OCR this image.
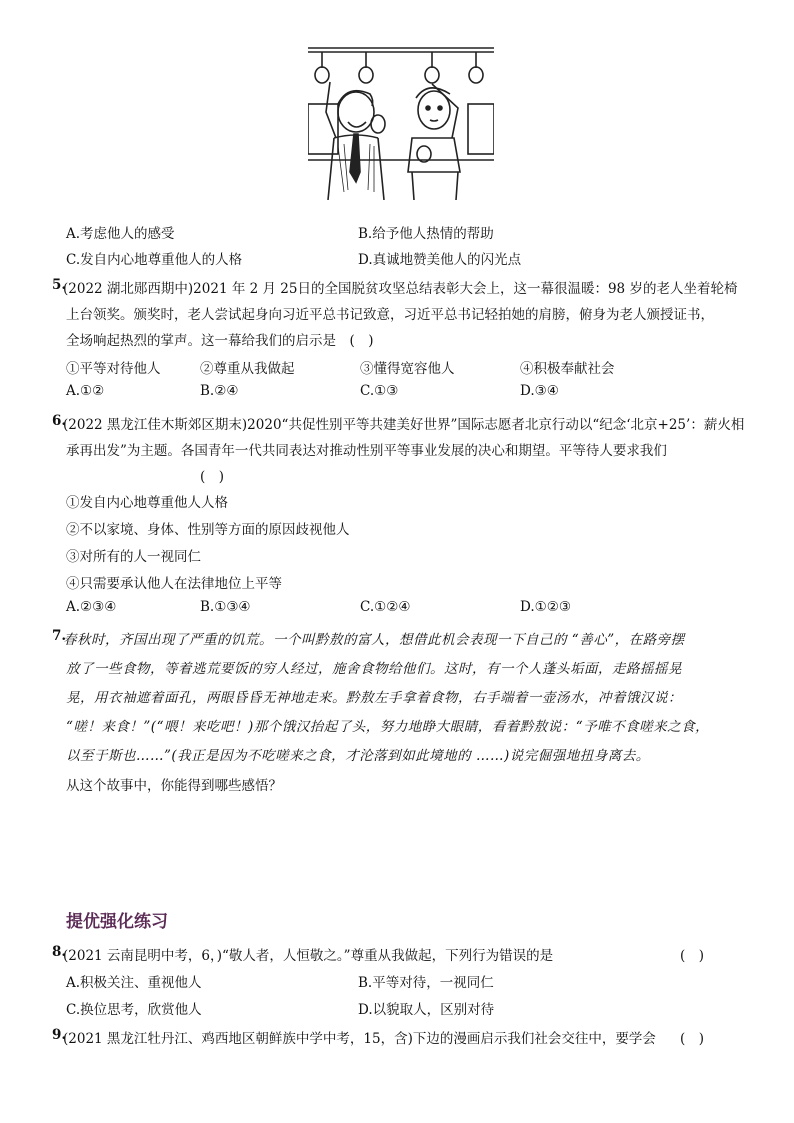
A.考虑他人的感受	B.给予他人热情的帮助
C.发自内心地尊重他人的人格	D.真诚地赞美他人的闪光点
5.
(2022 湖北郧西期中)2021 年 2 月 25日的全国脱贫攻坚总结表彰大会上，这一幕很温暖：98 岁的老人坐着轮椅
上台领奖。颁奖时，老人尝试起身向习近平总书记致意，习近平总书记轻拍她的肩膀，俯身为老人颁授证书，
全场响起热烈的掌声。这一幕给我们的启示是　(　)
①平等对待他人	②尊重从我做起	③懂得宽容他人	④积极奉献社会
A.①②	B.②④	C.①③	D.③④
6.
(2022 黑龙江佳木斯郊区期末)2020“共促性别平等共建美好世界”国际志愿者北京行动以“纪念‘北京+25’：薪火相
承再出发”为主题。各国青年一代共同表达对推动性别平等事业发展的决心和期望。平等待人要求我们
(　)
①发自内心地尊重他人人格
②不以家境、身体、性别等方面的原因歧视他人
③对所有的人一视同仁
④只需要承认他人在法律地位上平等
A.②③④	B.①③④	C.①②④	D.①②③
7.
春秋时，齐国出现了严重的饥荒。一个叫黔敖的富人，想借此机会表现一下自己的 “善心”，在路旁摆
放了一些食物，等着逃荒要饭的穷人经过，施舍食物给他们。这时，有一个人蓬头垢面，走路摇摇晃
晃，用衣袖遮着面孔，两眼昏昏无神地走来。黔敖左手拿着食物，右手端着一壶汤水，冲着饿汉说：
“嗟！来食！”(“喂！来吃吧！)那个饿汉抬起了头，努力地睁大眼睛，看着黔敖说：“予唯不食嗟来之食，
以至于斯也……”(我正是因为不吃嗟来之食，才沦落到如此境地的 ……)说完倔强地扭身离去。
从这个故事中，你能得到哪些感悟？
提优强化练习
8.
(2021 云南昆明中考，6，)“敬人者，人恒敬之。”尊重从我做起，下列行为错误的是	(　)
A.积极关注、重视他人	B.平等对待，一视同仁
C.换位思考，欣赏他人	D.以貌取人，区别对待
9.
(2021 黑龙江牡丹江、鸡西地区朝鲜族中学中考，15，含)下边的漫画启示我们社会交往中，要学会 (　)
